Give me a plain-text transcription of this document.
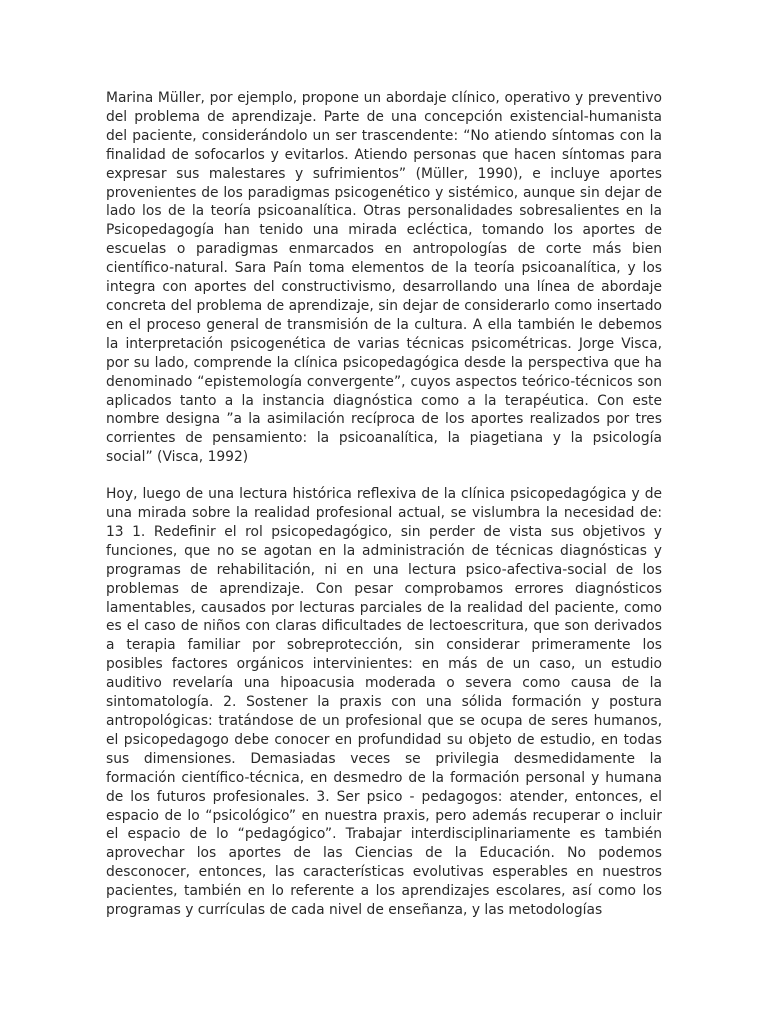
Marina Müller, por ejemplo, propone un abordaje clínico, operativo y preventivo del problema de aprendizaje. Parte de una concepción existencial-humanista del paciente, considerándolo un ser trascendente: “No atiendo síntomas con la finalidad de sofocarlos y evitarlos. Atiendo personas que hacen síntomas para expresar sus malestares y sufrimientos” (Müller, 1990), e incluye aportes provenientes de los paradigmas psicogenético y sistémico, aunque sin dejar de lado los de la teoría psicoanalítica. Otras personalidades sobresalientes en la Psicopedagogía han tenido una mirada ecléctica, tomando los aportes de escuelas o paradigmas enmarcados en antropologías de corte más bien científico-natural. Sara Paín toma elementos de la teoría psicoanalítica, y los integra con aportes del constructivismo, desarrollando una línea de abordaje concreta del problema de aprendizaje, sin dejar de considerarlo como insertado en el proceso general de transmisión de la cultura. A ella también le debemos la interpretación psicogenética de varias técnicas psicométricas. Jorge Visca, por su lado, comprende la clínica psicopedagógica desde la perspectiva que ha denominado “epistemología convergente”, cuyos aspectos teórico-técnicos son aplicados tanto a la instancia diagnóstica como a la terapéutica. Con este nombre designa ”a la asimilación recíproca de los aportes realizados por tres corrientes de pensamiento: la psicoanalítica, la piagetiana y la psicología social” (Visca, 1992)

Hoy, luego de una lectura histórica reflexiva de la clínica psicopedagógica y de una mirada sobre la realidad profesional actual, se vislumbra la necesidad de: 13 1. Redefinir el rol psicopedagógico, sin perder de vista sus objetivos y funciones, que no se agotan en la administración de técnicas diagnósticas y programas de rehabilitación, ni en una lectura psico-afectiva-social de los problemas de aprendizaje. Con pesar comprobamos errores diagnósticos lamentables, causados por lecturas parciales de la realidad del paciente, como es el caso de niños con claras dificultades de lectoescritura, que son derivados a terapia familiar por sobreprotección, sin considerar primeramente los posibles factores orgánicos intervinientes: en más de un caso, un estudio auditivo revelaría una hipoacusia moderada o severa como causa de la sintomatología. 2. Sostener la praxis con una sólida formación y postura antropológicas: tratándose de un profesional que se ocupa de seres humanos, el psicopedagogo debe conocer en profundidad su objeto de estudio, en todas sus dimensiones. Demasiadas veces se privilegia desmedidamente la formación científico-técnica, en desmedro de la formación personal y humana de los futuros profesionales. 3. Ser psico - pedagogos: atender, entonces, el espacio de lo “psicológico” en nuestra praxis, pero además recuperar o incluir el espacio de lo “pedagógico”. Trabajar interdisciplinariamente es también aprovechar los aportes de las Ciencias de la Educación. No podemos desconocer, entonces, las características evolutivas esperables en nuestros pacientes, también en lo referente a los aprendizajes escolares, así como los programas y currículas de cada nivel de enseñanza, y las metodologías
